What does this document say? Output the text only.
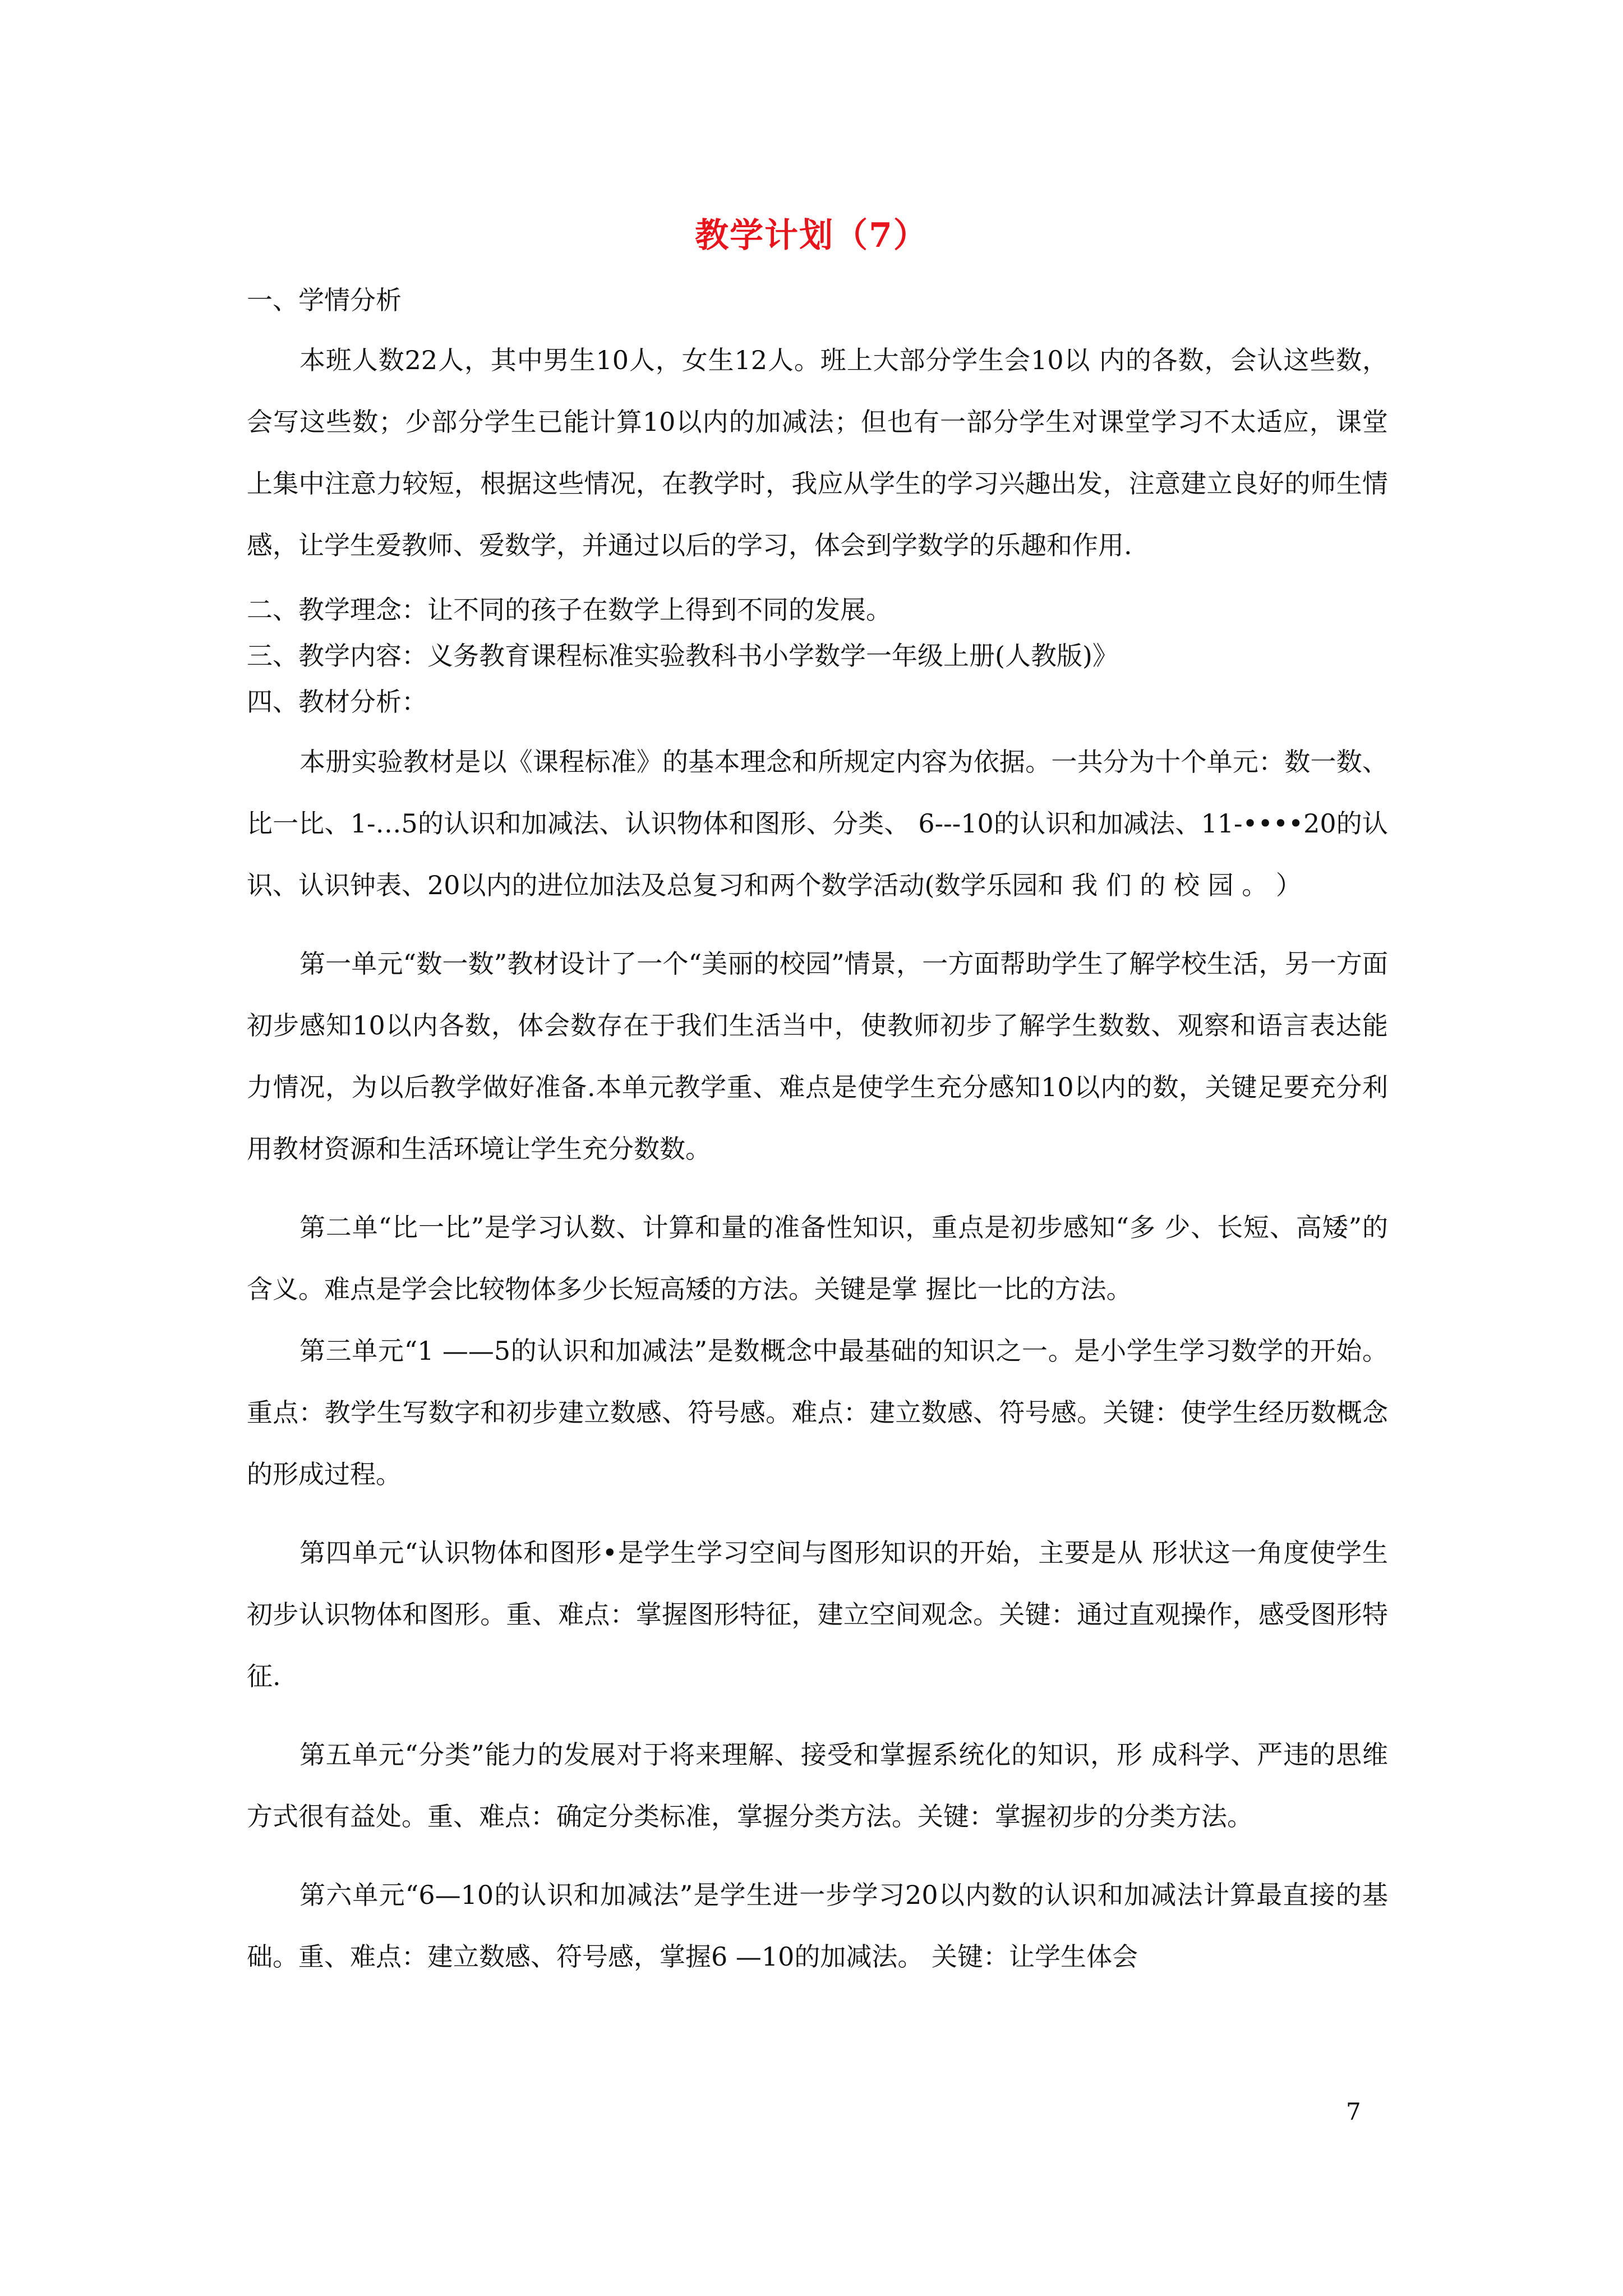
教学计划（7）

一、学情分析

本班人数22人，其中男生10人，女生12人。班上大部分学生会10以 内的各数，会认这些数，会写这些数；少部分学生已能计算10以内的加减法；但也有一部分学生对课堂学习不太适应，课堂上集中注意力较短，根据这些情况，在教学时，我应从学生的学习兴趣出发，注意建立良好的师生情感，让学生爱教师、爱数学，并通过以后的学习，体会到学数学的乐趣和作用.

二、教学理念：让不同的孩子在数学上得到不同的发展。

三、教学内容：义务教育课程标准实验教科书小学数学一年级上册(人教版)》

四、教材分析：

本册实验教材是以《课程标准》的基本理念和所规定内容为依据。一共分为十个单元：数一数、比一比、1-…5的认识和加减法、认识物体和图形、分类、 6---10的认识和加减法、11-••••20的认识、认识钟表、20以内的进位加法及总复习和两个数学活动(数学乐园和 我 们 的 校 园 。 ）

第一单元“数一数”教材设计了一个“美丽的校园”情景，一方面帮助学生了解学校生活，另一方面初步感知10以内各数，体会数存在于我们生活当中，使教师初步了解学生数数、观察和语言表达能力情况，为以后教学做好准备.本单元教学重、难点是使学生充分感知10以内的数，关键足要充分利用教材资源和生活环境让学生充分数数。

第二单“比一比”是学习认数、计算和量的准备性知识，重点是初步感知“多 少、长短、高矮”的含义。难点是学会比较物体多少长短高矮的方法。关键是掌 握比一比的方法。

第三单元“1 ——5的认识和加减法”是数概念中最基础的知识之一。是小学生学习数学的开始。重点：教学生写数字和初步建立数感、符号感。难点：建立数感、符号感。关键：使学生经历数概念的形成过程。

第四单元“认识物体和图形•是学生学习空间与图形知识的开始，主要是从 形状这一角度使学生初步认识物体和图形。重、难点：掌握图形特征，建立空间观念。关键：通过直观操作，感受图形特征.

第五单元“分类”能力的发展对于将来理解、接受和掌握系统化的知识，形 成科学、严违的思维方式很有益处。重、难点：确定分类标准，掌握分类方法。关键：掌握初步的分类方法。

第六单元“6—10的认识和加减法”是学生进一步学习20以内数的认识和加减法计算最直接的基础。重、难点：建立数感、符号感，掌握6 —10的加减法。 关键：让学生体会

7
